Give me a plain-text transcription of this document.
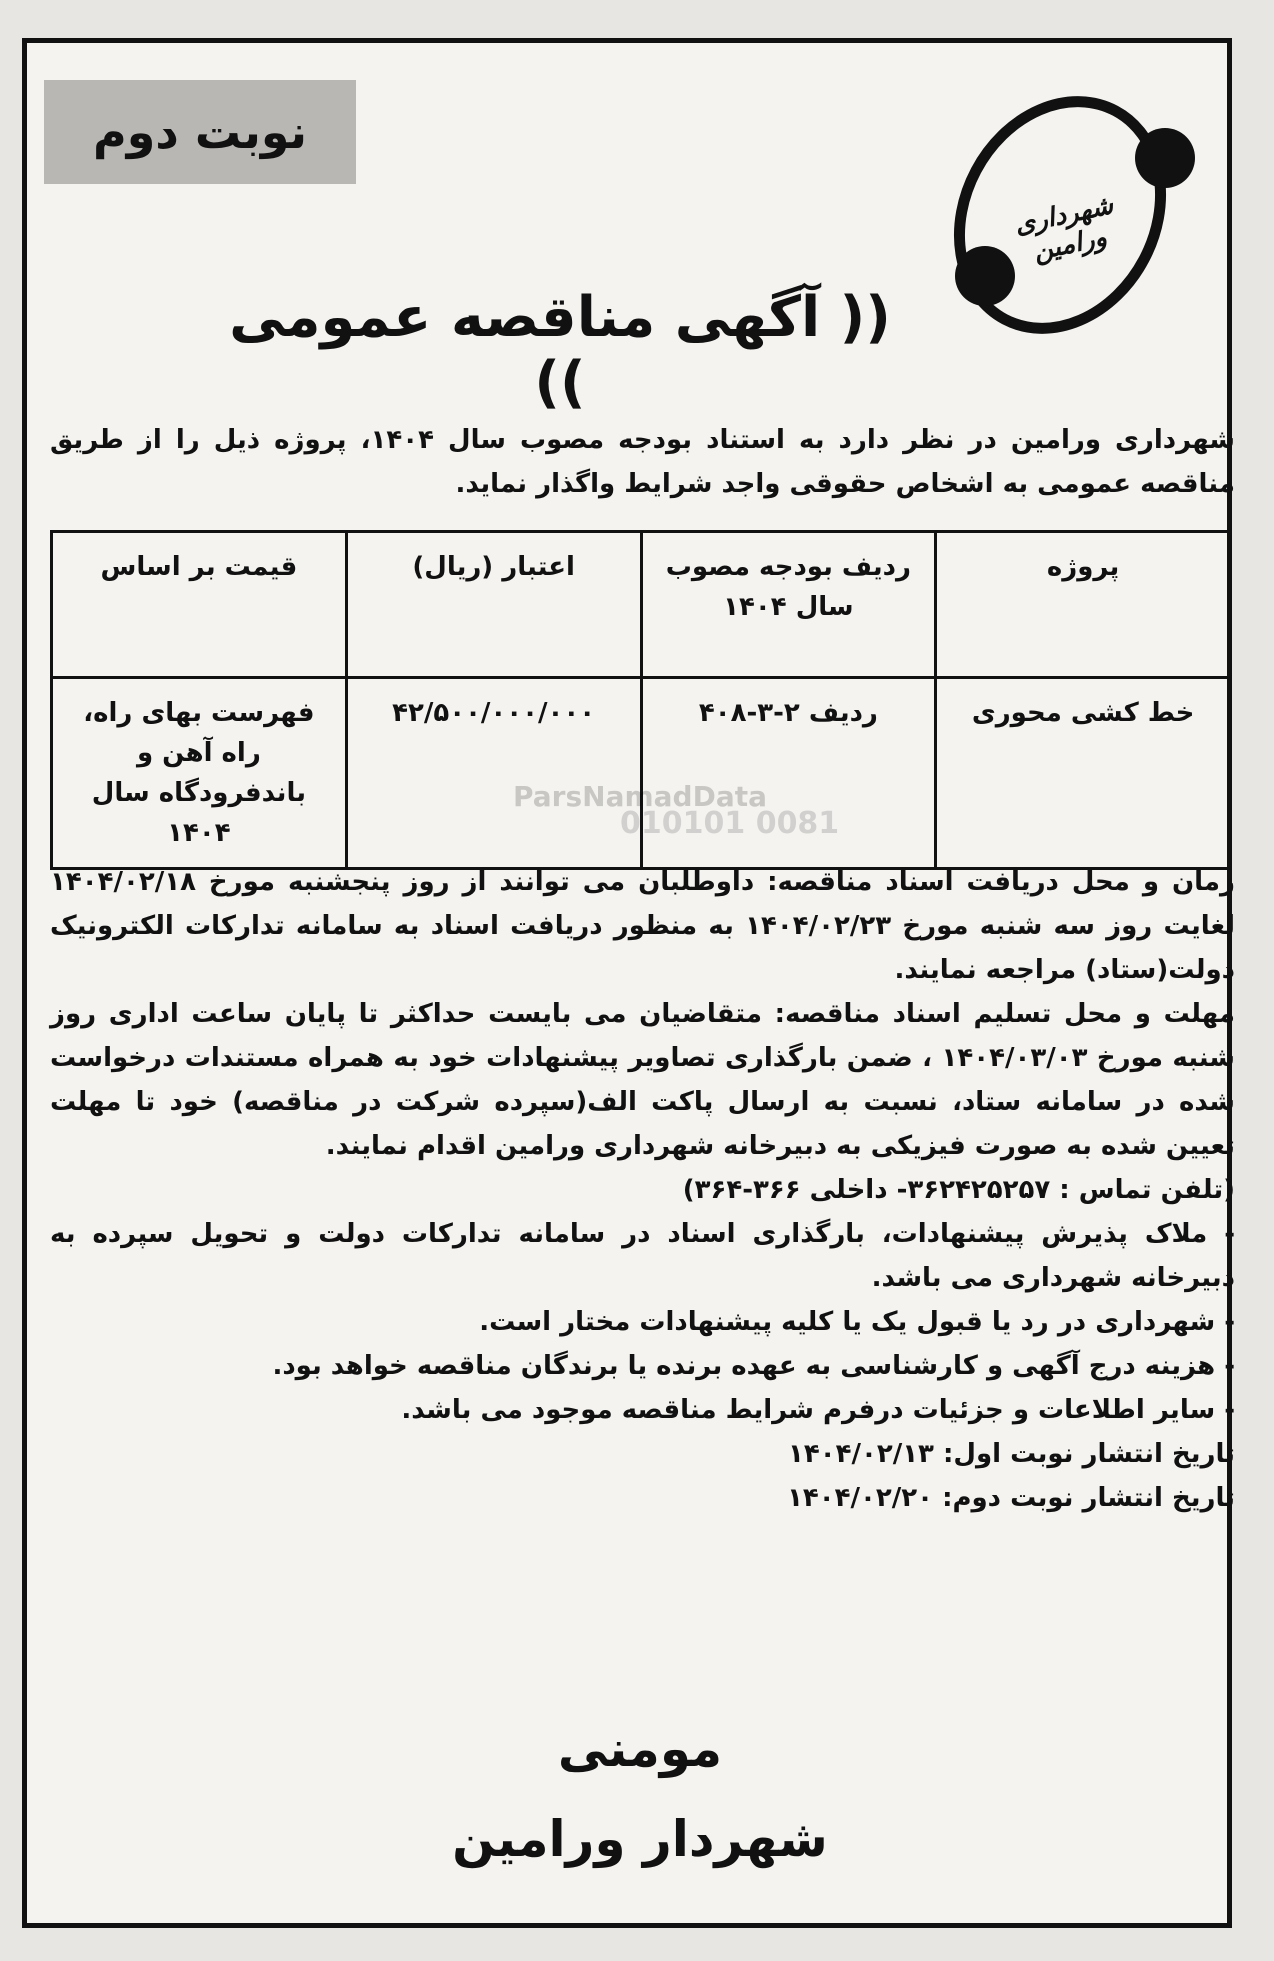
نوبت دوم
شهرداری ورامین
(( آگهی مناقصه عمومی ))

شهرداری ورامین در نظر دارد به استناد بودجه مصوب سال ۱۴۰۴، پروژه ذیل را از طریق مناقصه عمومی به اشخاص حقوقی واجد شرایط واگذار نماید.

پروژه	ردیف بودجه مصوب سال ۱۴۰۴	اعتبار (ریال)	قیمت بر اساس
خط کشی محوری	ردیف ۲-۳-۴۰۸	۴۲/۵۰۰/۰۰۰/۰۰۰	فهرست بهای راه، راه آهن و باندفرودگاه سال ۱۴۰۴
ParsNamadData
010101 0081

زمان و محل دریافت اسناد مناقصه: داوطلبان می توانند از روز پنجشنبه مورخ ۱۴۰۴/۰۲/۱۸ لغایت روز سه شنبه مورخ ۱۴۰۴/۰۲/۲۳ به منظور دریافت اسناد به سامانه تدارکات الکترونیک دولت(ستاد) مراجعه نمایند.

مهلت و محل تسلیم اسناد مناقصه: متقاضیان می بایست حداکثر تا پایان ساعت اداری روز شنبه مورخ ۱۴۰۴/۰۳/۰۳ ، ضمن بارگذاری تصاویر پیشنهادات خود به همراه مستندات درخواست شده در سامانه ستاد، نسبت به ارسال پاکت الف(سپرده شرکت در مناقصه) خود تا مهلت تعیین شده به صورت فیزیکی به دبیرخانه شهرداری ورامین اقدام نمایند.

(تلفن تماس : ۳۶۲۴۲۵۲۵۷- داخلی ۳۶۶-۳۶۴)

- ملاک پذیرش پیشنهادات، بارگذاری اسناد در سامانه تدارکات دولت و تحویل سپرده به دبیرخانه شهرداری می باشد.

- شهرداری در رد یا قبول یک یا کلیه پیشنهادات مختار است.

- هزینه درج آگهی و کارشناسی به عهده برنده یا برندگان مناقصه خواهد بود.

- سایر اطلاعات و جزئیات درفرم شرایط مناقصه موجود می باشد.

تاریخ انتشار نوبت اول: ۱۴۰۴/۰۲/۱۳

تاریخ انتشار نوبت دوم: ۱۴۰۴/۰۲/۲۰

مومنی
شهردار ورامین
